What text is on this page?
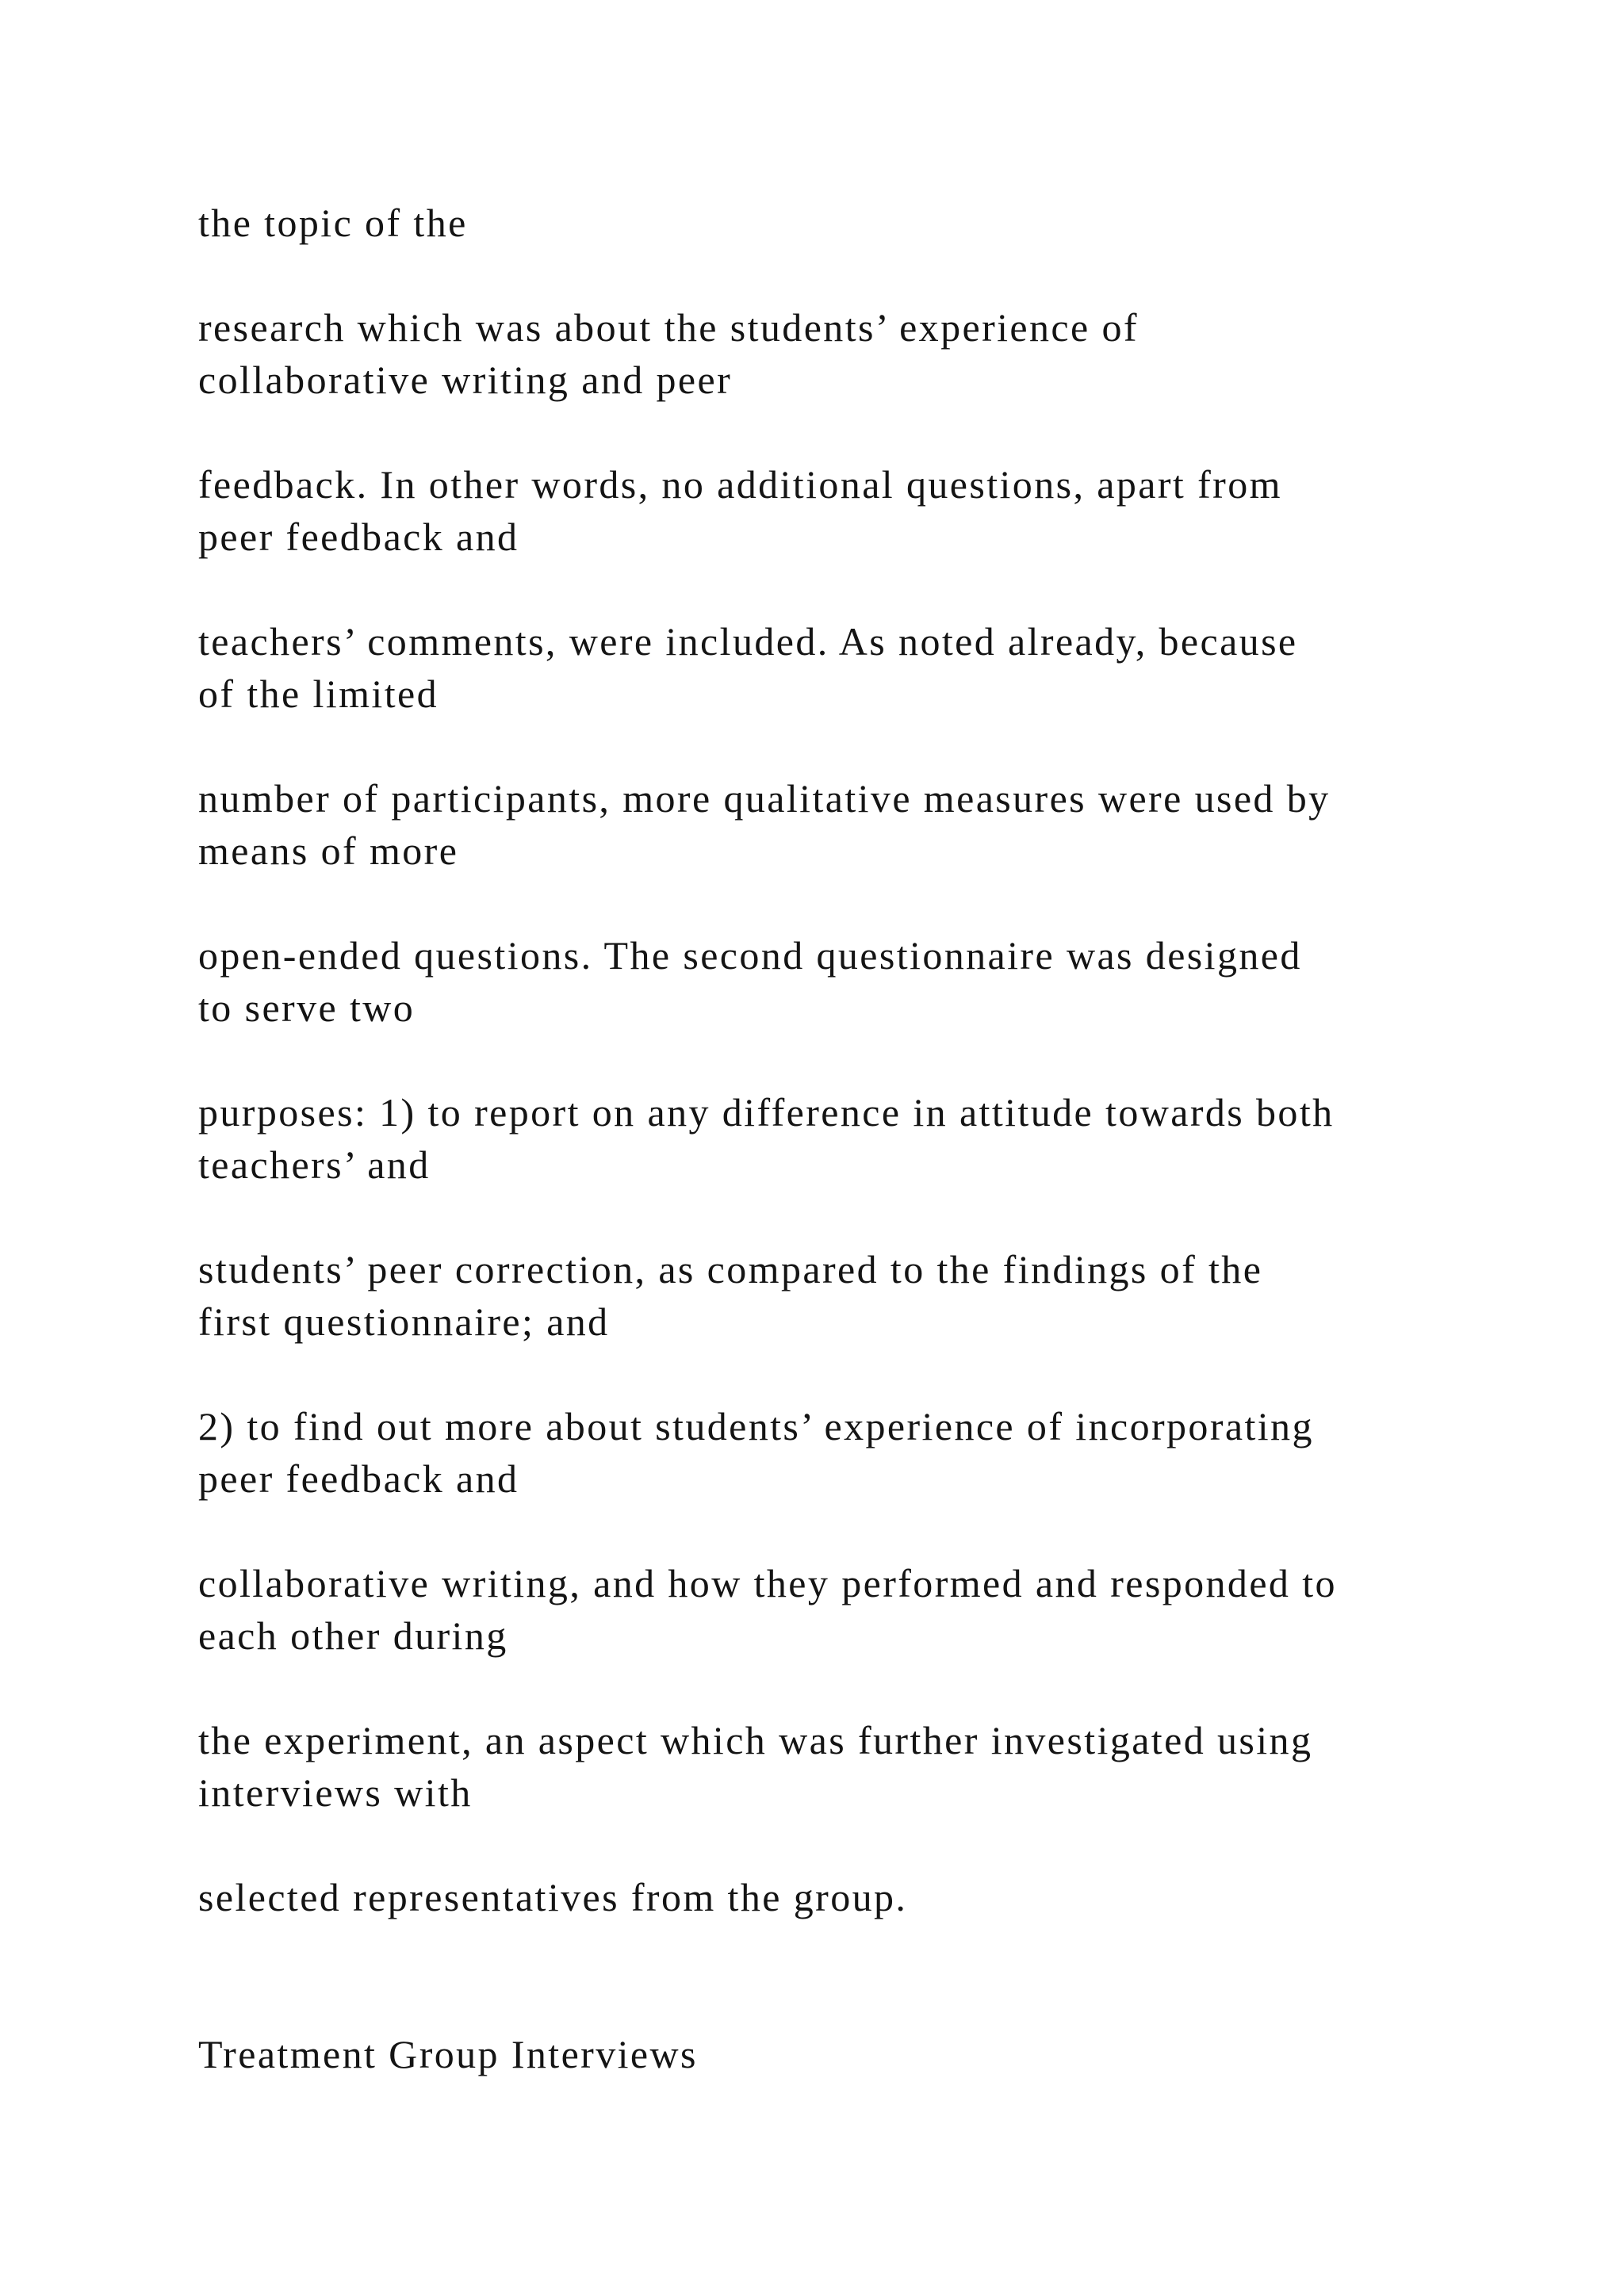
the topic of the

research which was about the students’ experience of

collaborative writing and peer

feedback. In other words, no additional questions, apart from

peer feedback and

teachers’ comments, were included. As noted already, because

of the limited

number of participants, more qualitative measures were used by

means of more

open-ended questions. The second questionnaire was designed

to serve two

purposes: 1) to report on any difference in attitude towards both

teachers’ and

students’ peer correction, as compared to the findings of the

first questionnaire; and

2) to find out more about students’ experience of incorporating

peer feedback and

collaborative writing, and how they performed and responded to

each other during

the experiment, an aspect which was further investigated using

interviews with

selected representatives from the group.

Treatment Group Interviews
